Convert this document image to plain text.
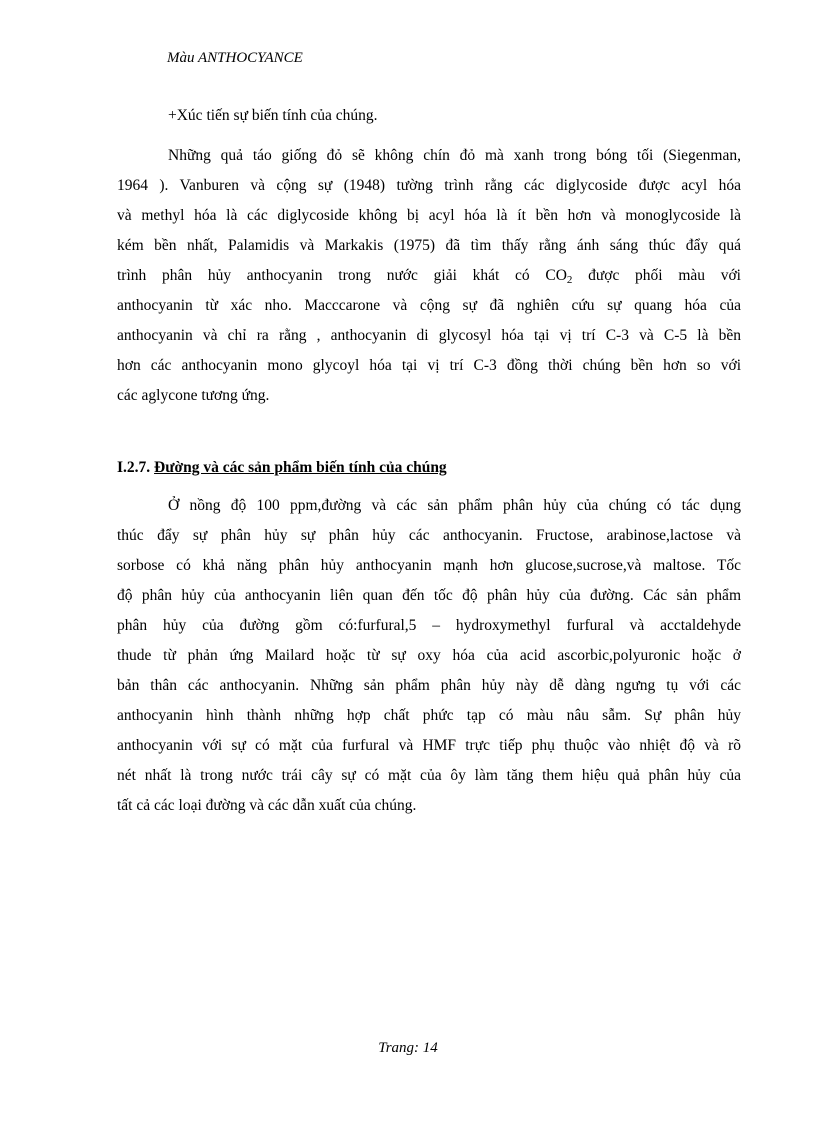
Màu ANTHOCYANCE
+Xúc tiến sự biến tính của chúng.
Những quả táo giống đỏ sẽ không chín đỏ mà xanh trong bóng tối (Siegenman,
1964 ). Vanburen và cộng sự (1948) tường trình rằng các diglycoside được acyl hóa
và methyl hóa là các diglycoside không bị acyl hóa là ít bền hơn và monoglycoside là
kém bền nhất, Palamidis và Markakis (1975) đã tìm thấy rằng ánh sáng thúc đẩy quá
trình phân hủy anthocyanin trong nước giải khát có $CO_2$ được phối màu với
anthocyanin từ xác nho. Macccarone và cộng sự đã nghiên cứu sự quang hóa của
anthocyanin và chỉ ra rằng , anthocyanin di glycosyl hóa tại vị trí C-3 và C-5 là bền
hơn các anthocyanin mono glycoyl hóa tại vị trí C-3 đồng thời chúng bền hơn so với
các aglycone tương ứng.
I.2.7. Đường và các sản phẩm biến tính của chúng
Ở nồng độ 100 ppm,đường và các sản phẩm phân hủy của chúng có tác dụng
thúc đẩy sự phân hủy sự phân hủy các anthocyanin. Fructose, arabinose,lactose và
sorbose có khả năng phân hủy anthocyanin mạnh hơn glucose,sucrose,và maltose. Tốc
độ phân hủy của anthocyanin liên quan đến tốc độ phân hủy của đường. Các sản phẩm
phân hủy của đường gồm có:furfural,5 – hydroxymethyl furfural và acctaldehyde
thude từ phản ứng Mailard hoặc từ sự oxy hóa của acid ascorbic,polyuronic hoặc ở
bản thân các anthocyanin. Những sản phẩm phân hủy này dễ dàng ngưng tụ với các
anthocyanin hình thành những hợp chất phức tạp có màu nâu sẫm. Sự phân hủy
anthocyanin với sự có mặt của furfural và HMF trực tiếp phụ thuộc vào nhiệt độ và rõ
nét nhất là trong nước trái cây sự có mặt của ôy làm tăng them hiệu quả phân hủy của
tất cả các loại đường và các dẫn xuất của chúng.
Trang: 14
